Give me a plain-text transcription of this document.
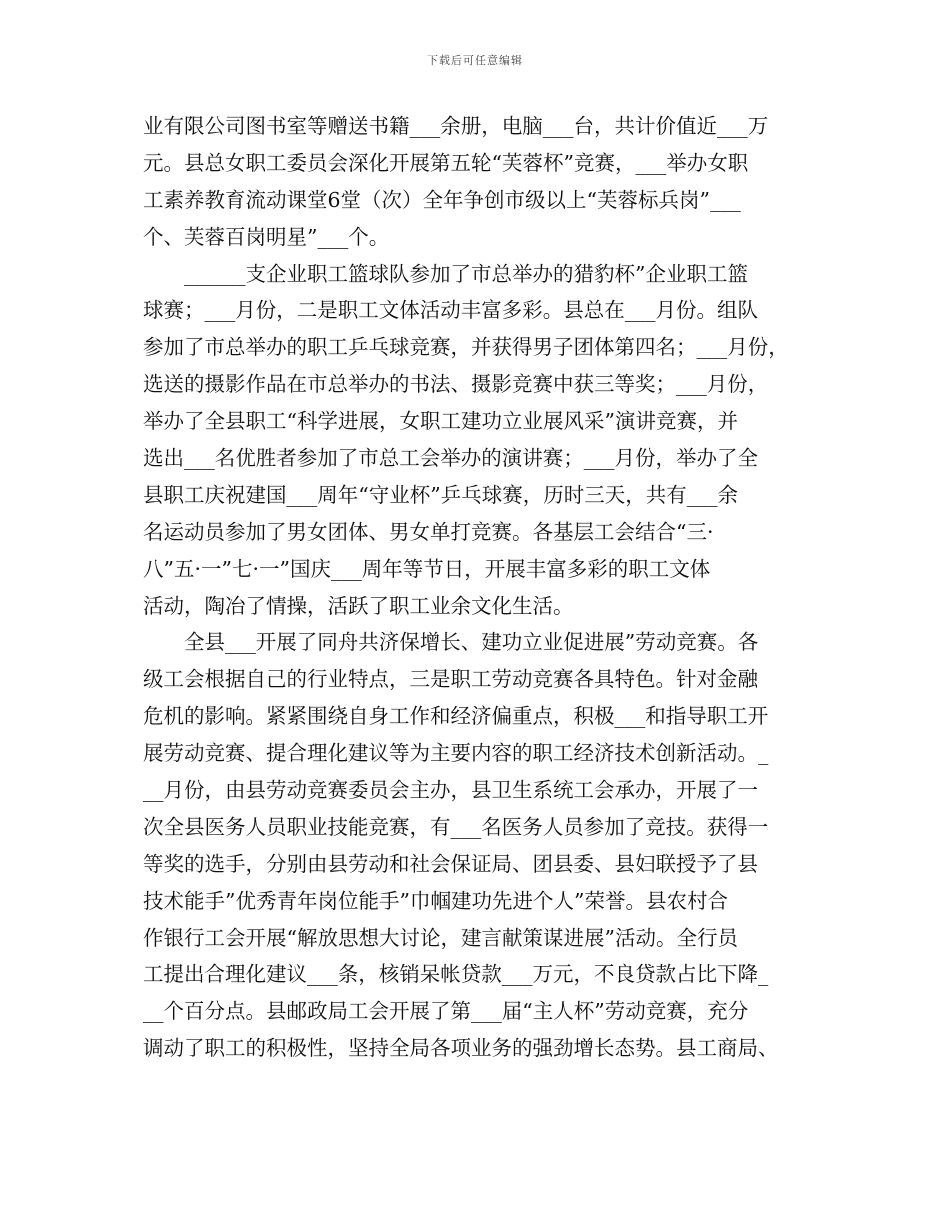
下载后可任意编辑
业有限公司图书室等赠送书籍___余册，电脑___台，共计价值近___万
元。县总女职工委员会深化开展第五轮“芙蓉杯”竞赛，___举办女职
工素养教育流动课堂6堂（次）全年争创市级以上“芙蓉标兵岗”___
个、芙蓉百岗明星”___个。
　　______支企业职工篮球队参加了市总举办的猎豹杯”企业职工篮
球赛；___月份，二是职工文体活动丰富多彩。县总在___月份。组队
参加了市总举办的职工乒乓球竞赛，并获得男子团体第四名；___月份，
选送的摄影作品在市总举办的书法、摄影竞赛中获三等奖；___月份，
举办了全县职工“科学进展，女职工建功立业展风采”演讲竞赛，并
选出___名优胜者参加了市总工会举办的演讲赛；___月份，举办了全
县职工庆祝建国___周年“守业杯”乒乓球赛，历时三天，共有___余
名运动员参加了男女团体、男女单打竞赛。各基层工会结合“三·
八”五·一”七·一”国庆___周年等节日，开展丰富多彩的职工文体
活动，陶冶了情操，活跃了职工业余文化生活。
　　全县___开展了同舟共济保增长、建功立业促进展”劳动竞赛。各
级工会根据自己的行业特点，三是职工劳动竞赛各具特色。针对金融
危机的影响。紧紧围绕自身工作和经济偏重点，积极___和指导职工开
展劳动竞赛、提合理化建议等为主要内容的职工经济技术创新活动。_
__月份，由县劳动竞赛委员会主办，县卫生系统工会承办，开展了一
次全县医务人员职业技能竞赛，有___名医务人员参加了竞技。获得一
等奖的选手，分别由县劳动和社会保证局、团县委、县妇联授予了县
技术能手”优秀青年岗位能手”巾帼建功先进个人”荣誉。县农村合
作银行工会开展“解放思想大讨论，建言献策谋进展”活动。全行员
工提出合理化建议___条，核销呆帐贷款___万元，不良贷款占比下降_
__个百分点。县邮政局工会开展了第___届“主人杯”劳动竞赛，充分
调动了职工的积极性，坚持全局各项业务的强劲增长态势。县工商局、
